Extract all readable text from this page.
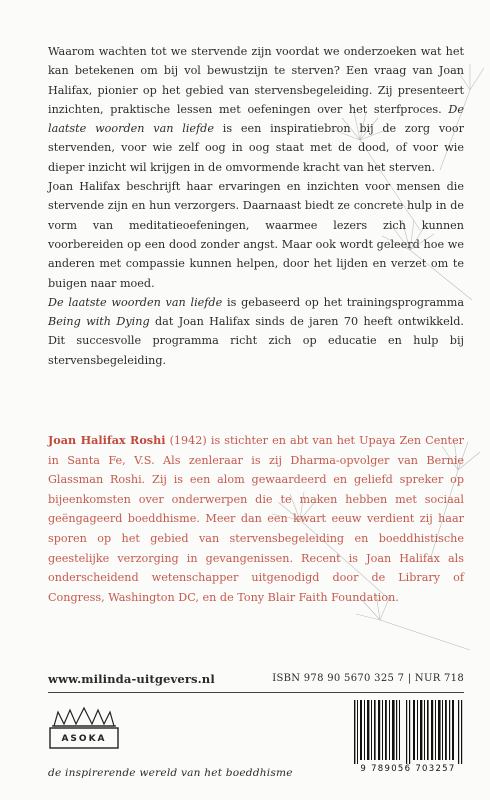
Waarom wachten tot we stervende zijn voordat we onderzoeken wat het kan betekenen om bij vol bewustzijn te sterven? Een vraag van Joan Halifax, pionier op het gebied van stervensbegeleiding. Zij presenteert inzichten, praktische lessen met oefeningen over het sterfproces. De laatste woorden van liefde is een inspiratiebron bij de zorg voor stervenden, voor wie zelf oog in oog staat met de dood, of voor wie dieper inzicht wil krijgen in de omvormende kracht van het sterven.

Joan Halifax beschrijft haar ervaringen en inzichten voor mensen die stervende zijn en hun verzorgers. Daarnaast biedt ze concrete hulp in de vorm van meditatieoefeningen, waarmee lezers zich kunnen voorbereiden op een dood zonder angst. Maar ook wordt geleerd hoe we anderen met compassie kunnen helpen, door het lijden en verzet om te buigen naar moed.

De laatste woorden van liefde is gebaseerd op het trainingsprogramma Being with Dying dat Joan Halifax sinds de jaren 70 heeft ontwikkeld. Dit succesvolle programma richt zich op educatie en hulp bij stervensbegeleiding.

Joan Halifax Roshi (1942) is stichter en abt van het Upaya Zen Center in Santa Fe, V.S. Als zenleraar is zij Dharma-opvolger van Bernie Glassman Roshi. Zij is een alom gewaardeerd en geliefd spreker op bijeenkomsten over onderwerpen die te maken hebben met sociaal geëngageerd boeddhisme. Meer dan een kwart eeuw verdient zij haar sporen op het gebied van stervensbegeleiding en boeddhistische geestelijke verzorging in gevangenissen. Recent is Joan Halifax als onderscheidend wetenschapper uitgenodigd door de Library of Congress, Washington DC, en de Tony Blair Faith Foundation.

www.milinda-uitgevers.nl	ISBN 978 90 5670 325 7 | NUR 718
ASOKA
de inspirerende wereld van het boeddhisme	9 789056 703257
